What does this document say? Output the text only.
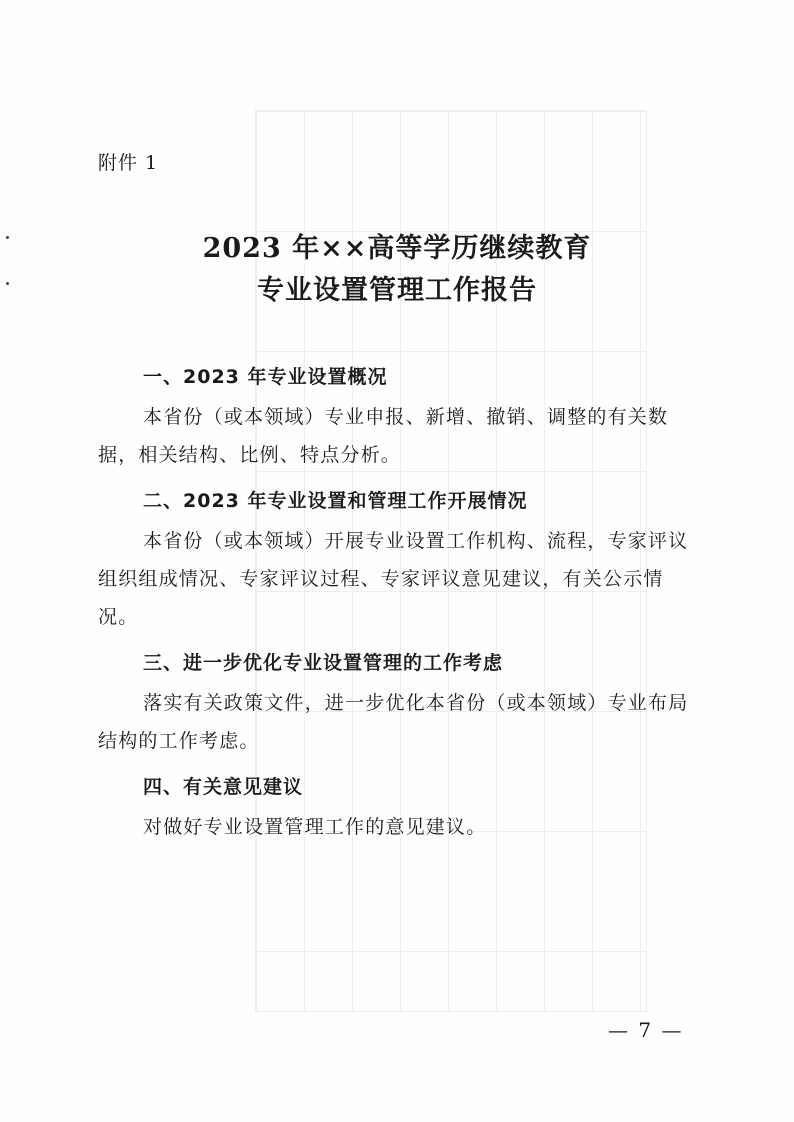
附件 1
2023 年××高等学历继续教育
专业设置管理工作报告
一、2023 年专业设置概况
本省份（或本领域）专业申报、新增、撤销、调整的有关数据，相关结构、比例、特点分析。
二、2023 年专业设置和管理工作开展情况
本省份（或本领域）开展专业设置工作机构、流程，专家评议组织组成情况、专家评议过程、专家评议意见建议，有关公示情况。
三、进一步优化专业设置管理的工作考虑
落实有关政策文件，进一步优化本省份（或本领域）专业布局结构的工作考虑。
四、有关意见建议
对做好专业设置管理工作的意见建议。
— 7 —
